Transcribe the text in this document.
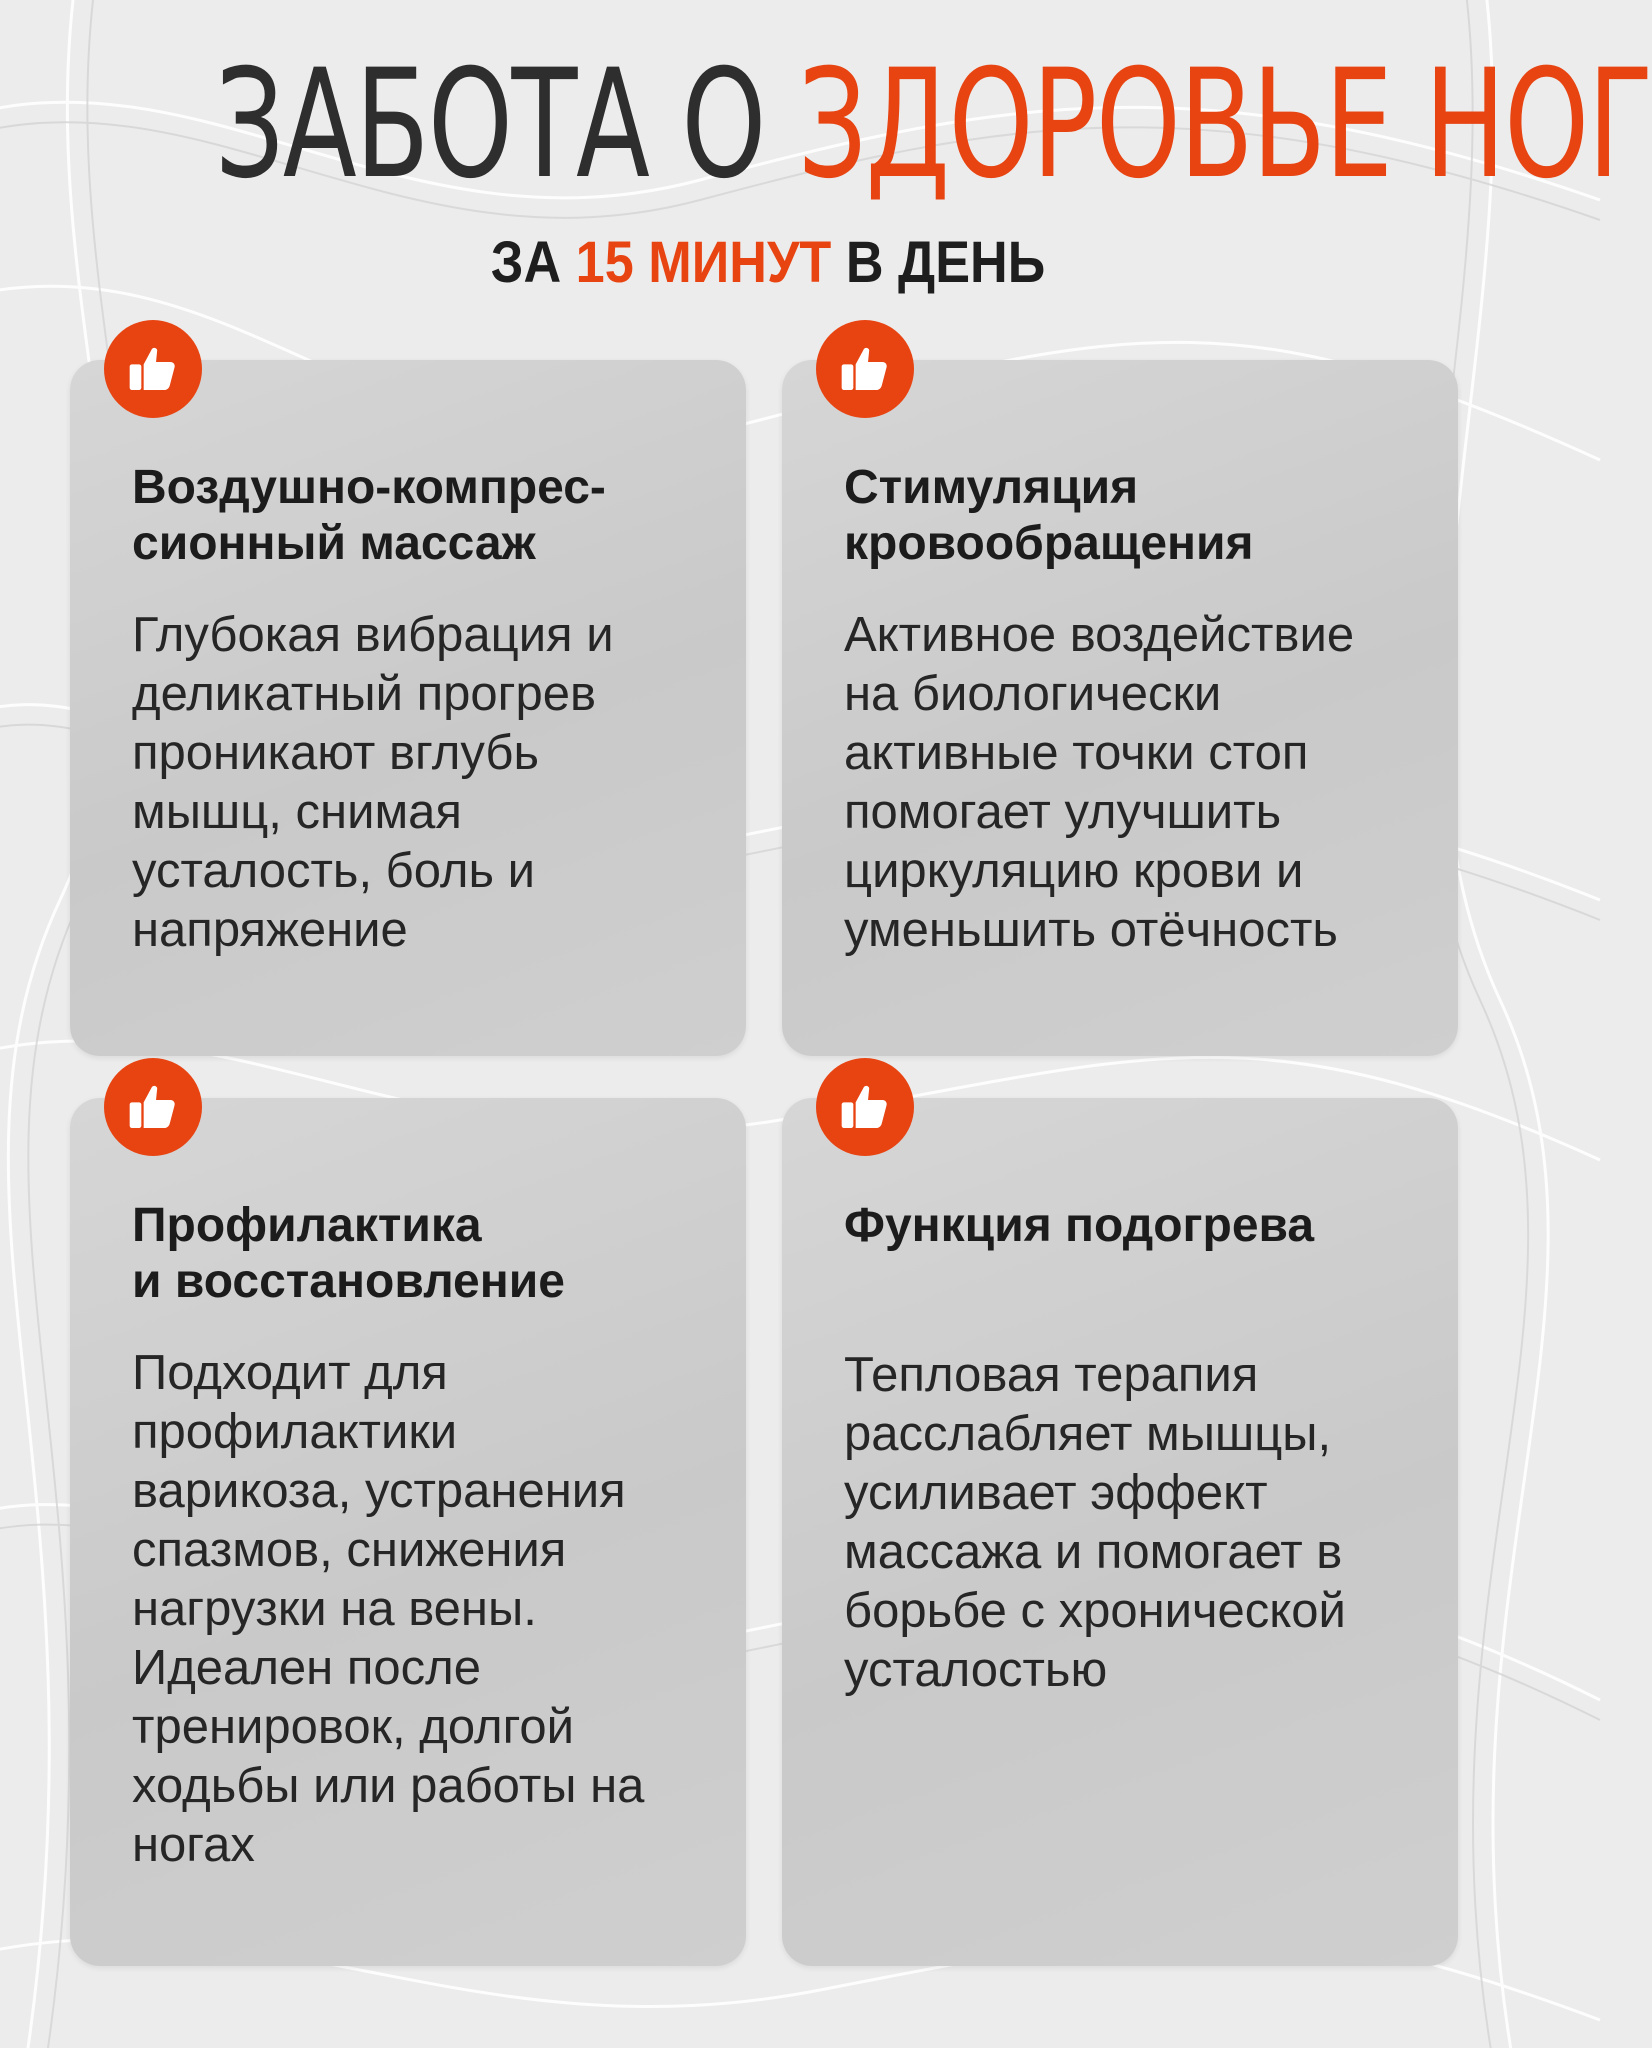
ЗАБОТА О ЗДОРОВЬЕ НОГ
ЗА 15 МИНУТ В ДЕНЬ
Воздушно-компрес-
сионный массаж

Глубокая вибрация и
деликатный прогрев
проникают вглубь
мышц, снимая
усталость, боль и
напряжение

Стимуляция
кровообращения

Активное воздействие
на биологически
активные точки стоп
помогает улучшить
циркуляцию крови и
уменьшить отёчность

Профилактика
и восстановление

Подходит для
профилактики
варикоза, устранения
спазмов, снижения
нагрузки на вены.
Идеален после
тренировок, долгой
ходьбы или работы на
ногах

Функция подогрева

Тепловая терапия
расслабляет мышцы,
усиливает эффект
массажа и помогает в
борьбе с хронической
усталостью
